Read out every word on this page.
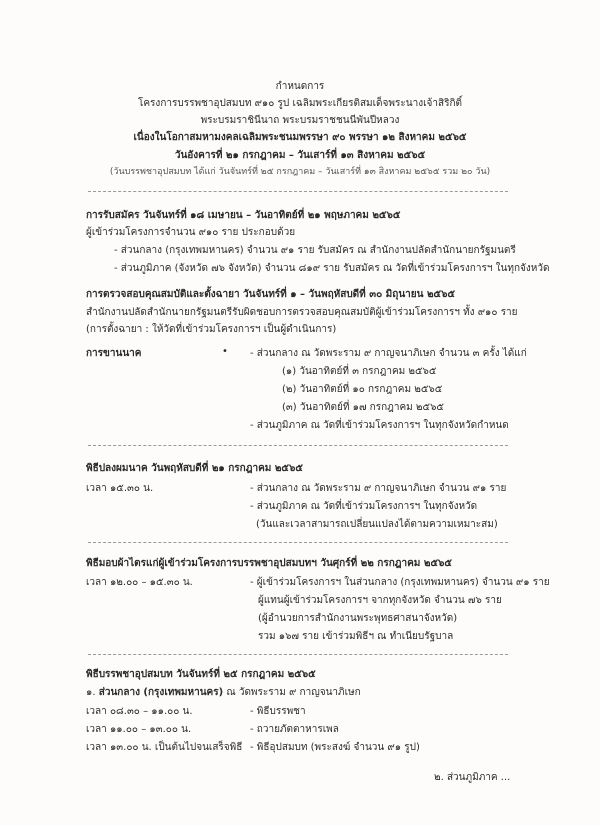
กำหนดการ
โครงการบรรพชาอุปสมบท ๙๑๐ รูป เฉลิมพระเกียรติสมเด็จพระนางเจ้าสิริกิติ์
พระบรมราชินีนาถ พระบรมราชชนนีพันปีหลวง
เนื่องในโอกาสมหามงคลเฉลิมพระชนมพรรษา ๙๐ พรรษา ๑๒ สิงหาคม ๒๕๖๕
วันอังคารที่ ๒๑ กรกฎาคม – วันเสาร์ที่ ๑๓ สิงหาคม ๒๕๖๕
(วันบรรพชาอุปสมบท ได้แก่ วันจันทร์ที่ ๒๕ กรกฎาคม – วันเสาร์ที่ ๑๓ สิงหาคม ๒๕๖๕ รวม ๒๐ วัน)
การรับสมัคร วันจันทร์ที่ ๑๘ เมษายน – วันอาทิตย์ที่ ๒๑ พฤษภาคม ๒๕๖๕
ผู้เข้าร่วมโครงการจำนวน ๙๑๐ ราย ประกอบด้วย
- ส่วนกลาง (กรุงเทพมหานคร) จำนวน ๙๑ ราย รับสมัคร ณ สำนักงานปลัดสำนักนายกรัฐมนตรี
- ส่วนภูมิภาค (จังหวัด ๗๖ จังหวัด) จำนวน ๘๑๙ ราย รับสมัคร ณ วัดที่เข้าร่วมโครงการฯ ในทุกจังหวัด
การตรวจสอบคุณสมบัติและตั้งฉายา วันจันทร์ที่ ๑ – วันพฤหัสบดีที่ ๓๐ มิถุนายน ๒๕๖๕
สำนักงานปลัดสำนักนายกรัฐมนตรีรับผิดชอบการตรวจสอบคุณสมบัติผู้เข้าร่วมโครงการฯ ทั้ง ๙๑๐ ราย
(การตั้งฉายา : ให้วัดที่เข้าร่วมโครงการฯ เป็นผู้ดำเนินการ)
การขานนาค	• - ส่วนกลาง ณ วัดพระราม ๙ กาญจนาภิเษก จำนวน ๓ ครั้ง ได้แก่
(๑) วันอาทิตย์ที่ ๓ กรกฎาคม ๒๕๖๕
(๒) วันอาทิตย์ที่ ๑๐ กรกฎาคม ๒๕๖๕
(๓) วันอาทิตย์ที่ ๑๗ กรกฎาคม ๒๕๖๕
- ส่วนภูมิภาค ณ วัดที่เข้าร่วมโครงการฯ ในทุกจังหวัดกำหนด
พิธีปลงผมนาค วันพฤหัสบดีที่ ๒๑ กรกฎาคม ๒๕๖๕
เวลา ๑๕.๓๐ น.	- ส่วนกลาง ณ วัดพระราม ๙ กาญจนาภิเษก จำนวน ๙๑ ราย
- ส่วนภูมิภาค ณ วัดที่เข้าร่วมโครงการฯ ในทุกจังหวัด
(วันและเวลาสามารถเปลี่ยนแปลงได้ตามความเหมาะสม)
พิธีมอบผ้าไตรแก่ผู้เข้าร่วมโครงการบรรพชาอุปสมบทฯ วันศุกร์ที่ ๒๒ กรกฎาคม ๒๕๖๕
เวลา ๑๒.๐๐ – ๑๕.๓๐ น.	- ผู้เข้าร่วมโครงการฯ ในส่วนกลาง (กรุงเทพมหานคร) จำนวน ๙๑ ราย
ผู้แทนผู้เข้าร่วมโครงการฯ จากทุกจังหวัด จำนวน ๗๖ ราย
(ผู้อำนวยการสำนักงานพระพุทธศาสนาจังหวัด)
รวม ๑๖๗ ราย เข้าร่วมพิธีฯ ณ ทำเนียบรัฐบาล
พิธีบรรพชาอุปสมบท วันจันทร์ที่ ๒๕ กรกฎาคม ๒๕๖๕
๑. ส่วนกลาง (กรุงเทพมหานคร) ณ วัดพระราม ๙ กาญจนาภิเษก
เวลา ๐๘.๓๐ – ๑๑.๐๐ น.	- พิธีบรรพชา
เวลา ๑๑.๐๐ – ๑๓.๐๐ น.	- ถวายภัตตาหารเพล
เวลา ๑๓.๐๐ น. เป็นต้นไปจนเสร็จพิธี - พิธีอุปสมบท (พระสงฆ์ จำนวน ๙๑ รูป)
๒. ส่วนภูมิภาค ...
